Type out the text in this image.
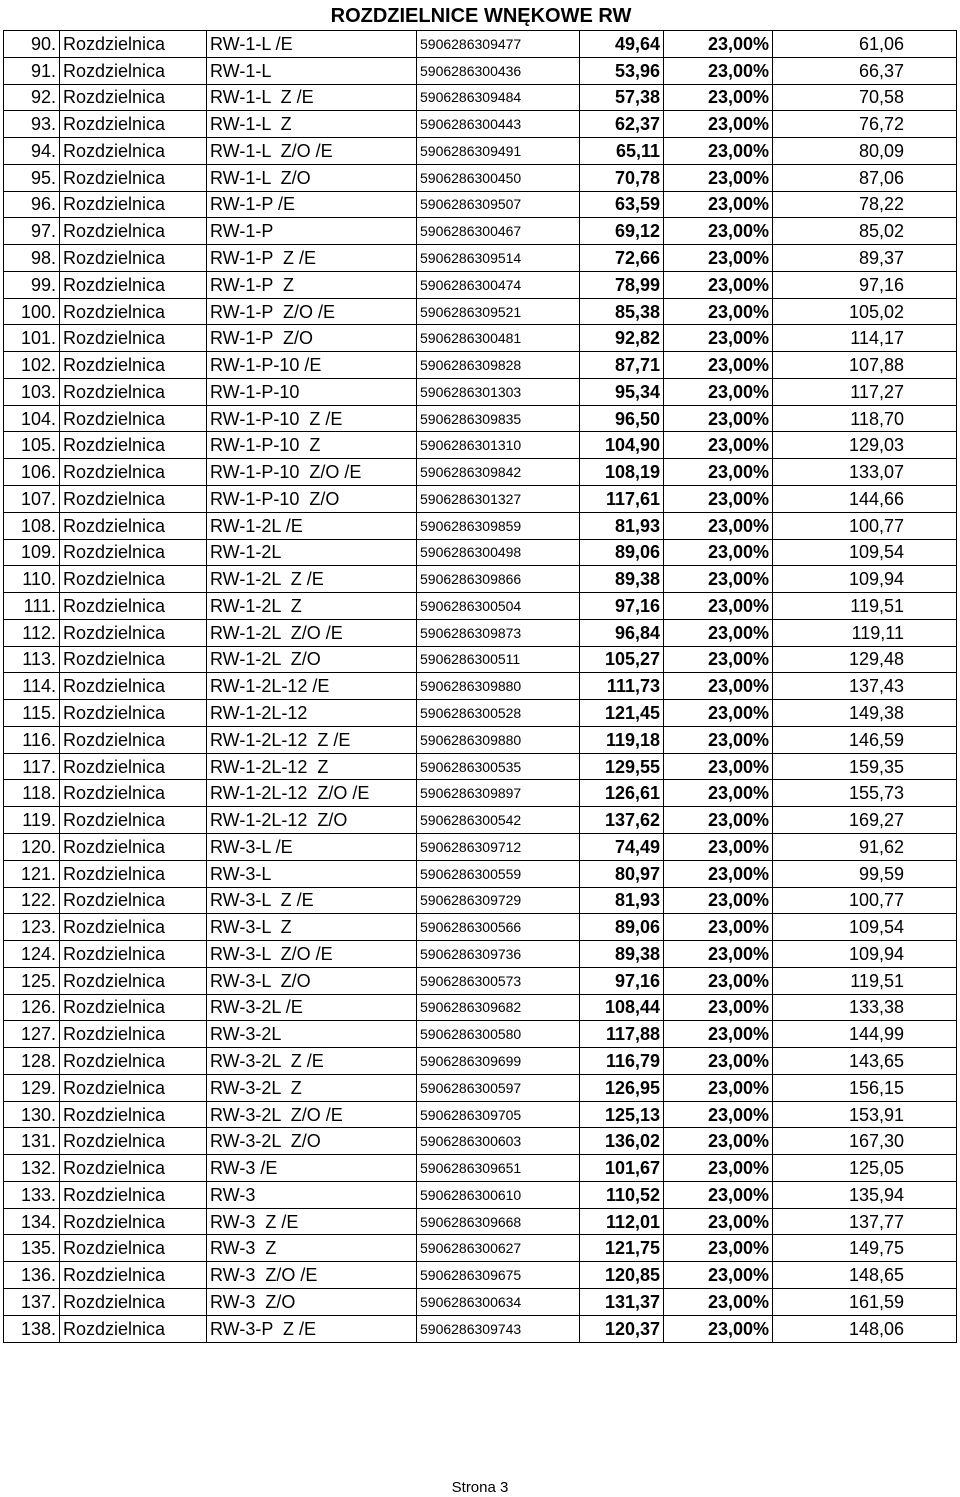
ROZDZIELNICE WNĘKOWE RW
90.	Rozdzielnica	RW-1-L /E	5906286309477	49,64	23,00%	61,06
91.	Rozdzielnica	RW-1-L	5906286300436	53,96	23,00%	66,37
92.	Rozdzielnica	RW-1-L  Z /E	5906286309484	57,38	23,00%	70,58
93.	Rozdzielnica	RW-1-L  Z	5906286300443	62,37	23,00%	76,72
94.	Rozdzielnica	RW-1-L  Z/O /E	5906286309491	65,11	23,00%	80,09
95.	Rozdzielnica	RW-1-L  Z/O	5906286300450	70,78	23,00%	87,06
96.	Rozdzielnica	RW-1-P /E	5906286309507	63,59	23,00%	78,22
97.	Rozdzielnica	RW-1-P	5906286300467	69,12	23,00%	85,02
98.	Rozdzielnica	RW-1-P  Z /E	5906286309514	72,66	23,00%	89,37
99.	Rozdzielnica	RW-1-P  Z	5906286300474	78,99	23,00%	97,16
100.	Rozdzielnica	RW-1-P  Z/O /E	5906286309521	85,38	23,00%	105,02
101.	Rozdzielnica	RW-1-P  Z/O	5906286300481	92,82	23,00%	114,17
102.	Rozdzielnica	RW-1-P-10 /E	5906286309828	87,71	23,00%	107,88
103.	Rozdzielnica	RW-1-P-10	5906286301303	95,34	23,00%	117,27
104.	Rozdzielnica	RW-1-P-10  Z /E	5906286309835	96,50	23,00%	118,70
105.	Rozdzielnica	RW-1-P-10  Z	5906286301310	104,90	23,00%	129,03
106.	Rozdzielnica	RW-1-P-10  Z/O /E	5906286309842	108,19	23,00%	133,07
107.	Rozdzielnica	RW-1-P-10  Z/O	5906286301327	117,61	23,00%	144,66
108.	Rozdzielnica	RW-1-2L /E	5906286309859	81,93	23,00%	100,77
109.	Rozdzielnica	RW-1-2L	5906286300498	89,06	23,00%	109,54
110.	Rozdzielnica	RW-1-2L  Z /E	5906286309866	89,38	23,00%	109,94
111.	Rozdzielnica	RW-1-2L  Z	5906286300504	97,16	23,00%	119,51
112.	Rozdzielnica	RW-1-2L  Z/O /E	5906286309873	96,84	23,00%	119,11
113.	Rozdzielnica	RW-1-2L  Z/O	5906286300511	105,27	23,00%	129,48
114.	Rozdzielnica	RW-1-2L-12 /E	5906286309880	111,73	23,00%	137,43
115.	Rozdzielnica	RW-1-2L-12	5906286300528	121,45	23,00%	149,38
116.	Rozdzielnica	RW-1-2L-12  Z /E	5906286309880	119,18	23,00%	146,59
117.	Rozdzielnica	RW-1-2L-12  Z	5906286300535	129,55	23,00%	159,35
118.	Rozdzielnica	RW-1-2L-12  Z/O /E	5906286309897	126,61	23,00%	155,73
119.	Rozdzielnica	RW-1-2L-12  Z/O	5906286300542	137,62	23,00%	169,27
120.	Rozdzielnica	RW-3-L /E	5906286309712	74,49	23,00%	91,62
121.	Rozdzielnica	RW-3-L	5906286300559	80,97	23,00%	99,59
122.	Rozdzielnica	RW-3-L  Z /E	5906286309729	81,93	23,00%	100,77
123.	Rozdzielnica	RW-3-L  Z	5906286300566	89,06	23,00%	109,54
124.	Rozdzielnica	RW-3-L  Z/O /E	5906286309736	89,38	23,00%	109,94
125.	Rozdzielnica	RW-3-L  Z/O	5906286300573	97,16	23,00%	119,51
126.	Rozdzielnica	RW-3-2L /E	5906286309682	108,44	23,00%	133,38
127.	Rozdzielnica	RW-3-2L	5906286300580	117,88	23,00%	144,99
128.	Rozdzielnica	RW-3-2L  Z /E	5906286309699	116,79	23,00%	143,65
129.	Rozdzielnica	RW-3-2L  Z	5906286300597	126,95	23,00%	156,15
130.	Rozdzielnica	RW-3-2L  Z/O /E	5906286309705	125,13	23,00%	153,91
131.	Rozdzielnica	RW-3-2L  Z/O	5906286300603	136,02	23,00%	167,30
132.	Rozdzielnica	RW-3 /E	5906286309651	101,67	23,00%	125,05
133.	Rozdzielnica	RW-3	5906286300610	110,52	23,00%	135,94
134.	Rozdzielnica	RW-3  Z /E	5906286309668	112,01	23,00%	137,77
135.	Rozdzielnica	RW-3  Z	5906286300627	121,75	23,00%	149,75
136.	Rozdzielnica	RW-3  Z/O /E	5906286309675	120,85	23,00%	148,65
137.	Rozdzielnica	RW-3  Z/O	5906286300634	131,37	23,00%	161,59
138.	Rozdzielnica	RW-3-P  Z /E	5906286309743	120,37	23,00%	148,06
Strona 3
